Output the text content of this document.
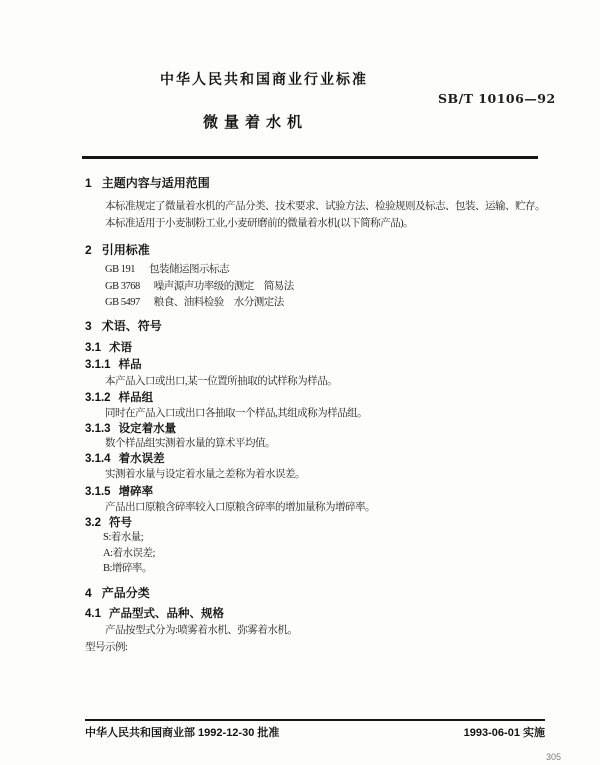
中华人民共和国商业行业标准
SB/T 10106—92
微量着水机
1 主题内容与适用范围
本标准规定了微量着水机的产品分类、技术要求、试验方法、检验规则及标志、包装、运输、贮存。
本标准适用于小麦制粉工业,小麦研磨前的微量着水机(以下简称产品)。
2 引用标准
GB 191 包装储运图示标志
GB 3768 噪声源声功率级的测定　简易法
GB 5497 粮食、油料检验　水分测定法
3 术语、符号
3.1 术语
3.1.1 样品
本产品入口或出口,某一位置所抽取的试样称为样品。
3.1.2 样品组
同时在产品入口或出口各抽取一个样品,其组成称为样品组。
3.1.3 设定着水量
数个样品组实测着水量的算术平均值。
3.1.4 着水误差
实测着水量与设定着水量之差称为着水误差。
3.1.5 增碎率
产品出口原粮含碎率较入口原粮含碎率的增加量称为增碎率。
3.2 符号
S:着水量;
A:着水误差;
B:增碎率。
4 产品分类
4.1 产品型式、品种、规格
产品按型式分为:喷雾着水机、弥雾着水机。
型号示例:
中华人民共和国商业部 1992-12-30 批准	1993-06-01 实施
305
